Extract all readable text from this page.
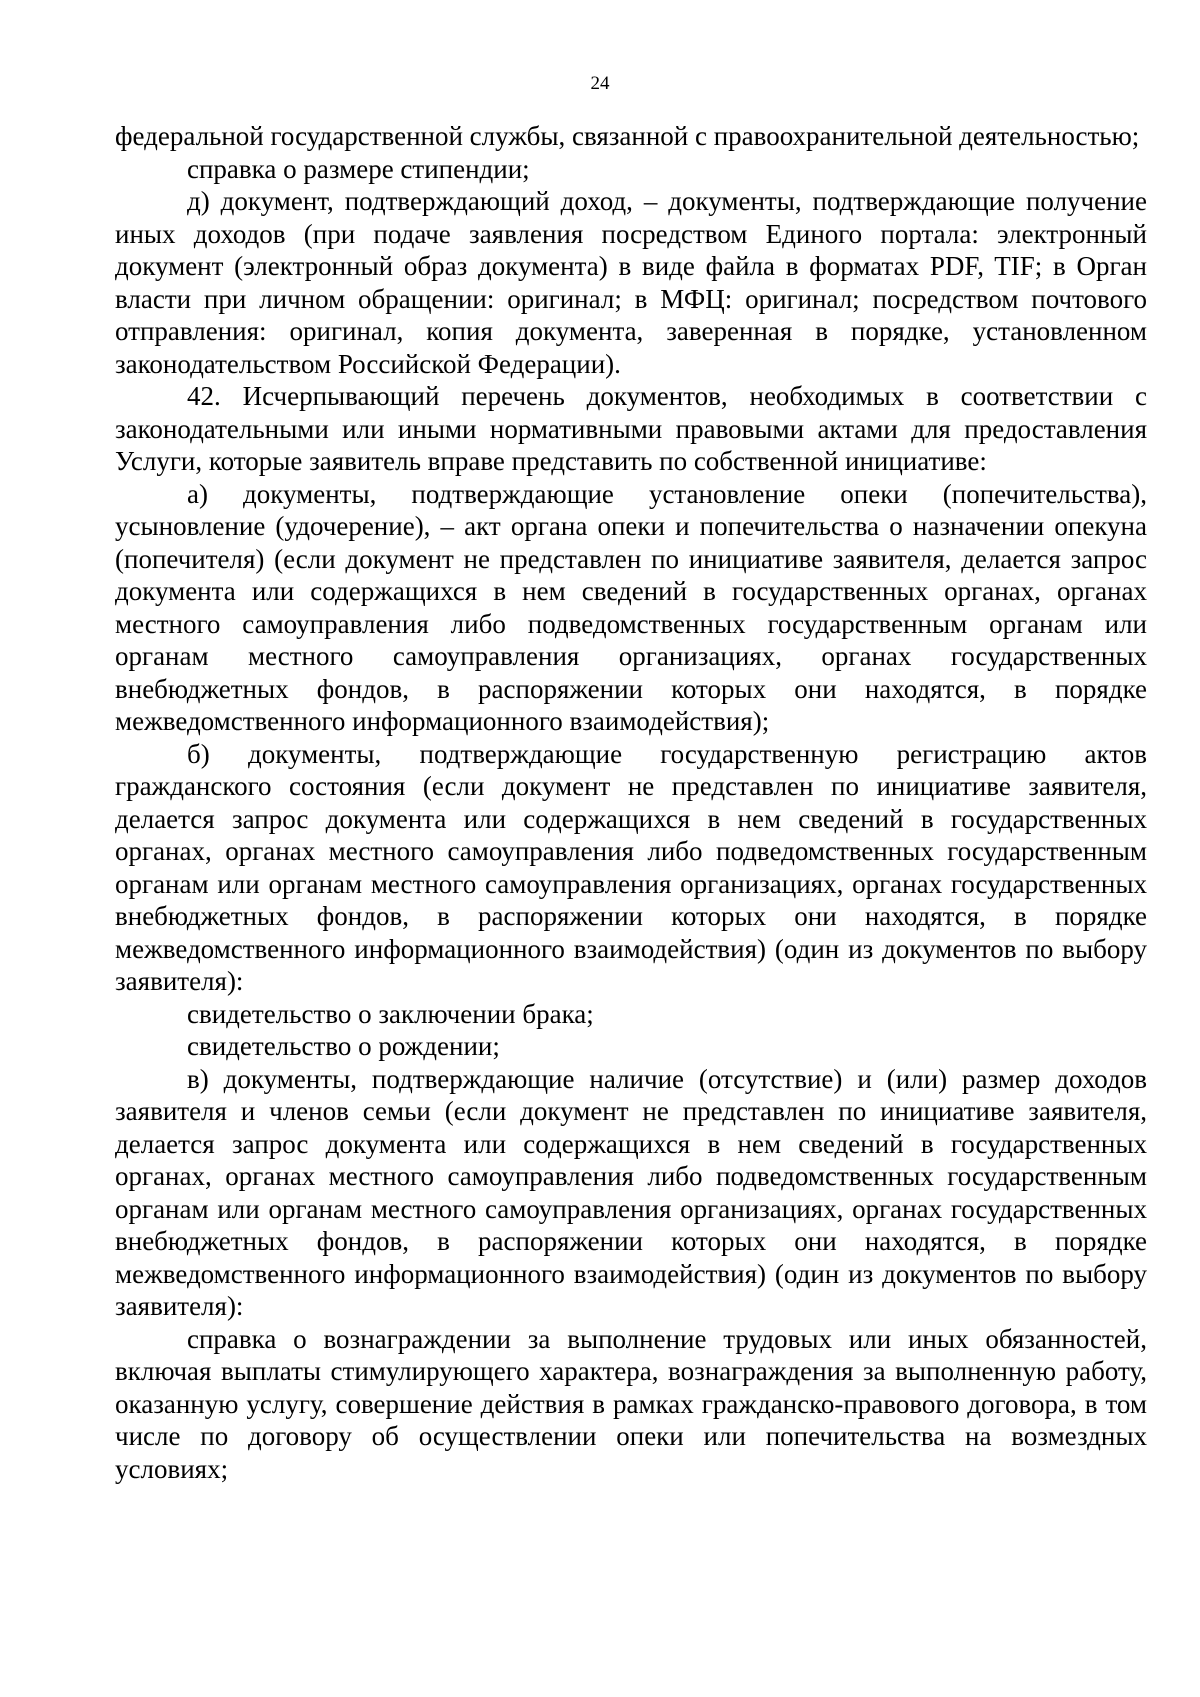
24

федеральной государственной службы, связанной с правоохранительной деятельностью;

справка о размере стипендии;

д) документ, подтверждающий доход, – документы, подтверждающие получение иных доходов (при подаче заявления посредством Единого портала: электронный документ (электронный образ документа) в виде файла в форматах PDF, TIF; в Орган власти при личном обращении: оригинал; в МФЦ: оригинал; посредством почтового отправления: оригинал, копия документа, заверенная в порядке, установленном законодательством Российской Федерации).

42. Исчерпывающий перечень документов, необходимых в соответствии с законодательными или иными нормативными правовыми актами для предоставления Услуги, которые заявитель вправе представить по собственной инициативе:

а) документы, подтверждающие установление опеки (попечительства), усыновление (удочерение), – акт органа опеки и попечительства о назначении опекуна (попечителя) (если документ не представлен по инициативе заявителя, делается запрос документа или содержащихся в нем сведений в государственных органах, органах местного самоуправления либо подведомственных государственным органам или органам местного самоуправления организациях, органах государственных внебюджетных фондов, в распоряжении которых они находятся, в порядке межведомственного информационного взаимодействия);

б) документы, подтверждающие государственную регистрацию актов гражданского состояния (если документ не представлен по инициативе заявителя, делается запрос документа или содержащихся в нем сведений в государственных органах, органах местного самоуправления либо подведомственных государственным органам или органам местного самоуправления организациях, органах государственных внебюджетных фондов, в распоряжении которых они находятся, в порядке межведомственного информационного взаимодействия) (один из документов по выбору заявителя):

свидетельство о заключении брака;

свидетельство о рождении;

в) документы, подтверждающие наличие (отсутствие) и (или) размер доходов заявителя и членов семьи (если документ не представлен по инициативе заявителя, делается запрос документа или содержащихся в нем сведений в государственных органах, органах местного самоуправления либо подведомственных государственным органам или органам местного самоуправления организациях, органах государственных внебюджетных фондов, в распоряжении которых они находятся, в порядке межведомственного информационного взаимодействия) (один из документов по выбору заявителя):

справка о вознаграждении за выполнение трудовых или иных обязанностей, включая выплаты стимулирующего характера, вознаграждения за выполненную работу, оказанную услугу, совершение действия в рамках гражданско-правового договора, в том числе по договору об осуществлении опеки или попечительства на возмездных условиях;
